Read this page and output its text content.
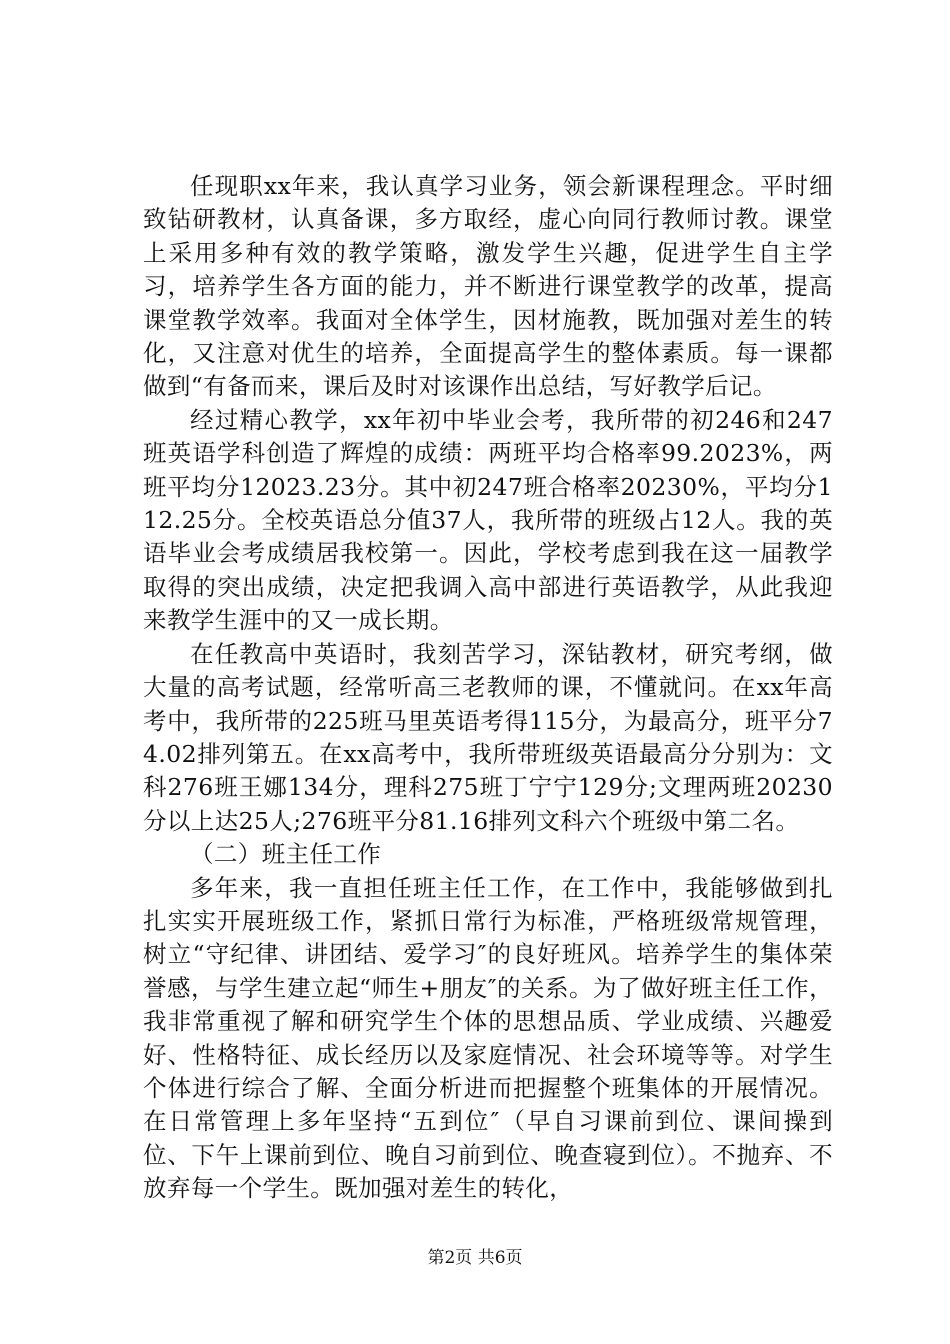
任现职xx年来，我认真学习业务，领会新课程理念。平时细致钻研教材，认真备课，多方取经，虚心向同行教师讨教。课堂上采用多种有效的教学策略，激发学生兴趣，促进学生自主学习，培养学生各方面的能力，并不断进行课堂教学的改革，提高课堂教学效率。我面对全体学生，因材施教，既加强对差生的转化，又注意对优生的培养，全面提高学生的整体素质。每一课都做到“有备而来，课后及时对该课作出总结，写好教学后记。

经过精心教学，xx年初中毕业会考，我所带的初246和247班英语学科创造了辉煌的成绩：两班平均合格率99.2023%，两班平均分12023.23分。其中初247班合格率20230%，平均分112.25分。全校英语总分值37人，我所带的班级占12人。我的英语毕业会考成绩居我校第一。因此，学校考虑到我在这一届教学取得的突出成绩，决定把我调入高中部进行英语教学，从此我迎来教学生涯中的又一成长期。

在任教高中英语时，我刻苦学习，深钻教材，研究考纲，做大量的高考试题，经常听高三老教师的课，不懂就问。在xx年高考中，我所带的225班马里英语考得115分，为最高分，班平分74.02排列第五。在xx高考中，我所带班级英语最高分分别为：文科276班王娜134分，理科275班丁宁宁129分;文理两班20230分以上达25人;276班平分81.16排列文科六个班级中第二名。

（二）班主任工作

多年来，我一直担任班主任工作，在工作中，我能够做到扎扎实实开展班级工作，紧抓日常行为标准，严格班级常规管理，树立“守纪律、讲团结、爱学习″的良好班风。培养学生的集体荣誉感，与学生建立起“师生+朋友″的关系。为了做好班主任工作，我非常重视了解和研究学生个体的思想品质、学业成绩、兴趣爱好、性格特征、成长经历以及家庭情况、社会环境等等。对学生个体进行综合了解、全面分析进而把握整个班集体的开展情况。在日常管理上多年坚持“五到位″（早自习课前到位、课间操到位、下午上课前到位、晚自习前到位、晚查寝到位）。不抛弃、不放弃每一个学生。既加强对差生的转化，

第2页 共6页
